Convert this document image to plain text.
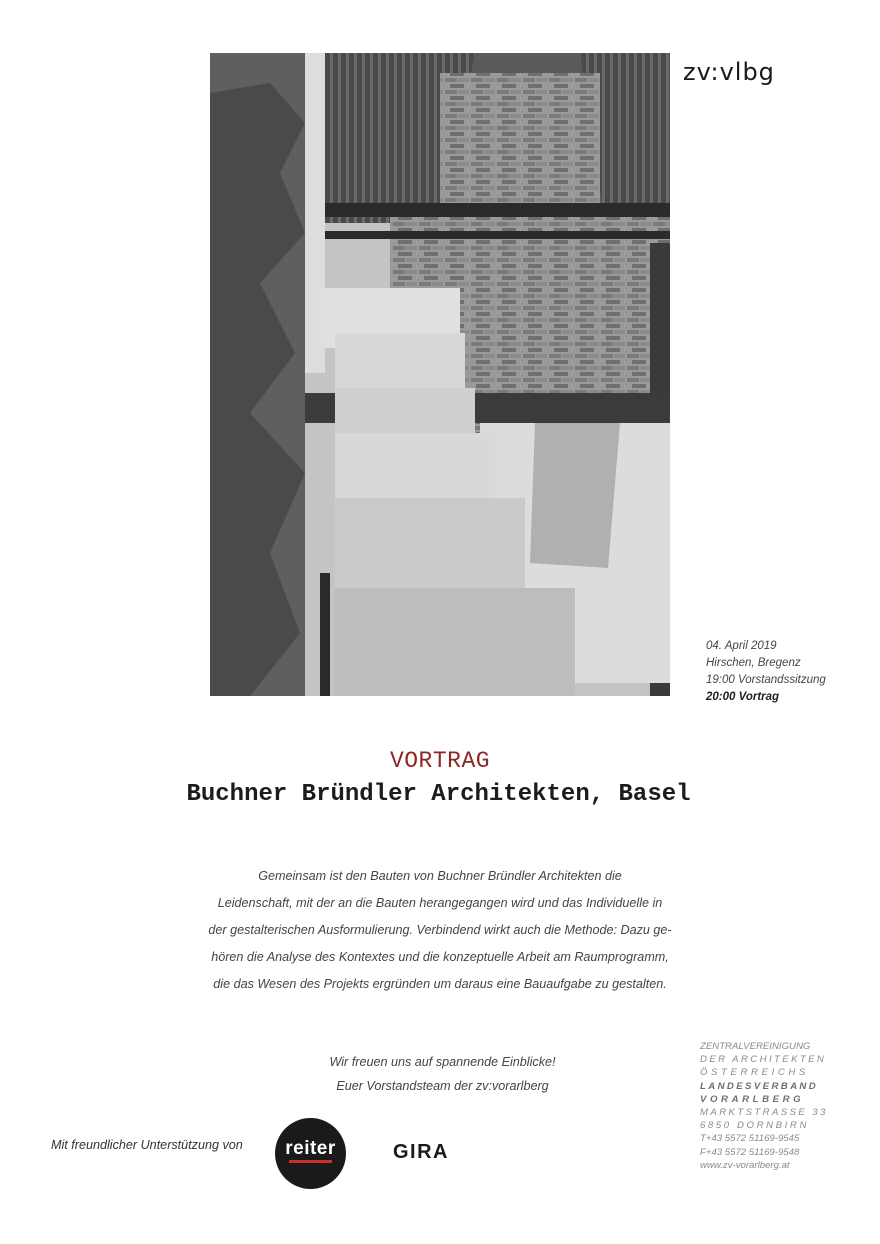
zv:vlbg
04. April 2019
Hirschen, Bregenz
19:00 Vorstandssitzung
20:00 Vortrag
VORTRAG
Buchner Bründler Architekten, Basel

Gemeinsam ist den Bauten von Buchner Bründler Architekten die
Leidenschaft, mit der an die Bauten herangegangen wird und das Individuelle in
der gestalterischen Ausformulierung. Verbindend wirkt auch die Methode: Dazu ge-
hören die Analyse des Kontextes und die konzeptuelle Arbeit am Raumprogramm,
die das Wesen des Projekts ergründen um daraus eine Bauaufgabe zu gestalten.

Wir freuen uns auf spannende Einblicke!
Euer Vorstandsteam der zv:vorarlberg
Mit freundlicher Unterstützung von	reiter	GIRA
ZENTRALVEREINIGUNG
DER ARCHITEKTEN
ÖSTERREICHS
LANDESVERBAND
VORARLBERG
MARKTSTRASSE 33
6850 DORNBIRN
T+43 5572 51169-9545
F+43 5572 51169-9548
www.zv-vorarlberg.at
